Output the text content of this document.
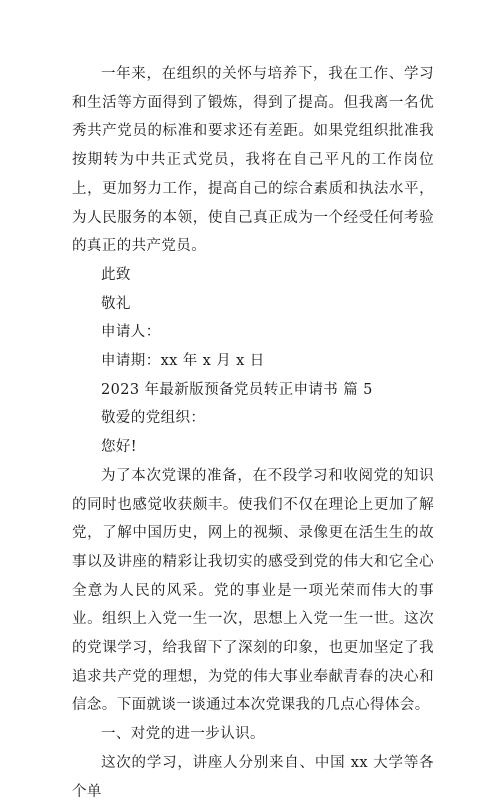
一年来，在组织的关怀与培养下，我在工作、学习和生活等方面得到了锻炼，得到了提高。但我离一名优秀共产党员的标准和要求还有差距。如果党组织批准我按期转为中共正式党员，我将在自己平凡的工作岗位上，更加努力工作，提高自己的综合素质和执法水平，为人民服务的本领，使自己真正成为一个经受任何考验的真正的共产党员。

此致

敬礼

申请人：

申请期：xx 年 x 月 x 日

2023 年最新版预备党员转正申请书 篇 5

敬爱的党组织：

您好!

为了本次党课的准备，在不段学习和收阅党的知识的同时也感觉收获颇丰。使我们不仅在理论上更加了解党，了解中国历史，网上的视频、录像更在活生生的故事以及讲座的精彩让我切实的感受到党的伟大和它全心全意为人民的风采。党的事业是一项光荣而伟大的事业。组织上入党一生一次，思想上入党一生一世。这次的党课学习，给我留下了深刻的印象，也更加坚定了我追求共产党的理想，为党的伟大事业奉献青春的决心和信念。下面就谈一谈通过本次党课我的几点心得体会。

一、对党的进一步认识。

这次的学习，讲座人分别来自、中国 xx 大学等各个单
